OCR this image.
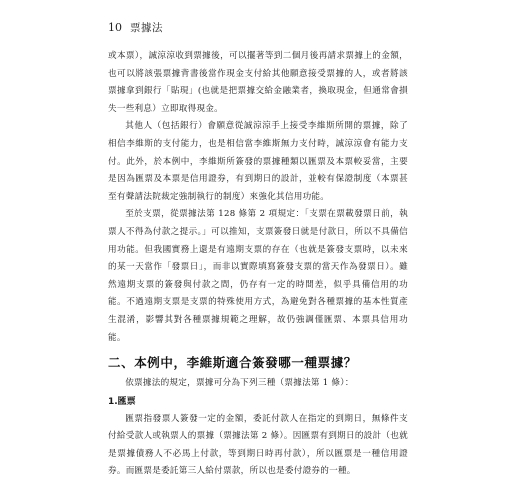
10 票據法

或本票），誠涼涼收到票據後，可以擺著等到二個月後再請求票據上的金額，也可以將該張票據背書後當作現金支付給其他願意接受票據的人，或者將該票據拿到銀行「貼現」(也就是把票據交給金融業者，換取現金，但通常會損失一些利息）立即取得現金。

其他人（包括銀行）會願意從誠涼涼手上接受李維斯所開的票據，除了相信李維斯的支付能力，也是相信當李維斯無力支付時，誠涼涼會有能力支付。此外，於本例中，李維斯所簽發的票據種類以匯票及本票較妥當，主要是因為匯票及本票是信用證券，有到期日的設計，並較有保證制度（本票甚至有聲請法院裁定強制執行的制度）來強化其信用功能。

至於支票，從票據法第 128 條第 2 項規定：「支票在票載發票日前，執票人不得為付款之提示。」可以推知，支票簽發日就是付款日，所以不具備信用功能。但我國實務上還是有遠期支票的存在（也就是簽發支票時，以未來的某一天當作「發票日」，而非以實際填寫簽發支票的當天作為發票日）。雖然遠期支票的簽發與付款之間，仍存有一定的時間差，似乎具備信用的功能。不過遠期支票是支票的特殊使用方式，為避免對各種票據的基本性質產生混淆，影響其對各種票據規範之理解，故仍強調僅匯票、本票具信用功能。

二、本例中，李維斯適合簽發哪一種票據？

依票據法的規定，票據可分為下列三種（票據法第 1 條）：

1.匯票

匯票指發票人簽發一定的金額，委託付款人在指定的到期日，無條件支付給受款人或執票人的票據（票據法第 2 條）。因匯票有到期日的設計（也就是票據債務人不必馬上付款，等到期日時再付款），所以匯票是一種信用證券。而匯票是委託第三人給付票款，所以也是委付證券的一種。
